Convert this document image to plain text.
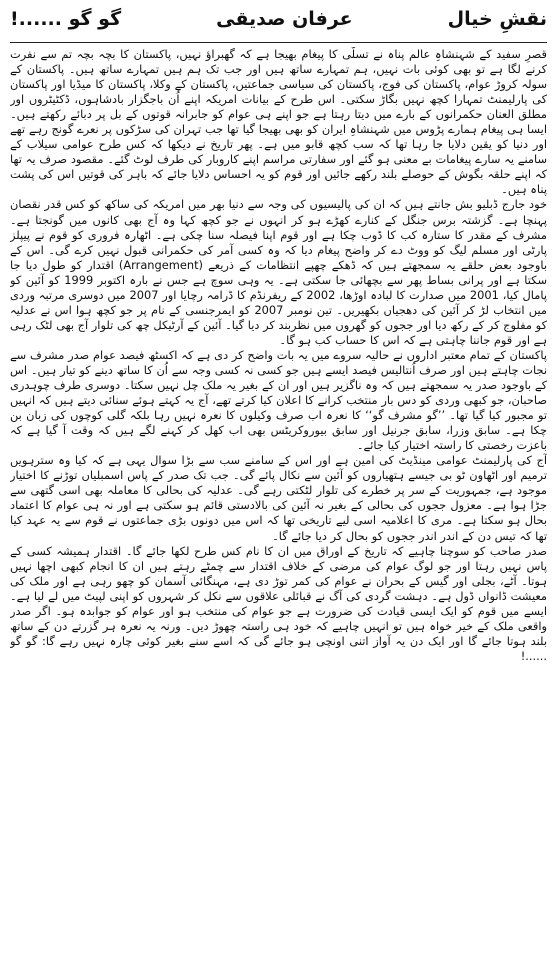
نقشِ خیال
عرفان صدیقی
گو گو ......!

قصرِ سفید کے شہنشاہِ عالم پناہ نے تسلّی کا پیغام بھیجا ہے کہ گھبراؤ نہیں، پاکستان کا بچہ بچہ تم سے نفرت کرنے لگا ہے تو بھی کوئی بات نہیں، ہم تمہارے ساتھ ہیں اور جب تک ہم ہیں تمہارے ساتھ ہیں۔ پاکستان کے سولہ کروڑ عوام، پاکستان کی فوج، پاکستان کی سیاسی جماعتیں، پاکستان کے وکلا، پاکستان کا میڈیا اور پاکستان کی پارلیمنٹ تمہارا کچھ نہیں بگاڑ سکتی۔ اس طرح کے بیانات امریکہ اپنے اُن باجگزار بادشاہوں، ڈکٹیٹروں اور مطلق العنان حکمرانوں کے بارے میں دیتا رہتا ہے جو اپنے ہی عوام کو جابرانہ قوتوں کے بل پر دبائے رکھتے ہیں۔ ایسا ہی پیغام ہمارے پڑوس میں شہنشاہِ ایران کو بھی بھیجا گیا تھا جب تہران کی سڑکوں پر نعرے گونج رہے تھے اور دنیا کو یقین دلایا جا رہا تھا کہ سب کچھ قابو میں ہے۔ پھر تاریخ نے دیکھا کہ کس طرح عوامی سیلاب کے سامنے یہ سارے پیغامات بے معنی ہو گئے اور سفارتی مراسم اپنے کاروبار کی طرف لوٹ گئے۔ مقصود صرف یہ تھا کہ اپنے حلقہ بگوش کے حوصلے بلند رکھے جائیں اور قوم کو یہ احساس دلایا جائے کہ باہر کی قوتیں اس کی پشت پناہ ہیں۔

خود جارج ڈبلیو بش جانتے ہیں کہ ان کی پالیسیوں کی وجہ سے دنیا بھر میں امریکہ کی ساکھ کو کس قدر نقصان پہنچا ہے۔ گزشتہ برس جنگل کے کنارے کھڑے ہو کر انہوں نے جو کچھ کہا وہ آج بھی کانوں میں گونجتا ہے۔ مشرف کے مقدر کا ستارہ کب کا ڈوب چکا ہے اور قوم اپنا فیصلہ سنا چکی ہے۔ اٹھارہ فروری کو قوم نے پیپلز پارٹی اور مسلم لیگ کو ووٹ دے کر واضح پیغام دیا کہ وہ کسی آمر کی حکمرانی قبول نہیں کرے گی۔ اس کے باوجود بعض حلقے یہ سمجھتے ہیں کہ ڈھکے چھپے انتظامات کے ذریعے (Arrangement) اقتدار کو طول دیا جا سکتا ہے اور پرانی بساط پھر سے بچھائی جا سکتی ہے۔ یہ وہی سوچ ہے جس نے بارہ اکتوبر 1999 کو آئین کو پامال کیا، 2001 میں صدارت کا لبادہ اوڑھا، 2002 کے ریفرنڈم کا ڈرامہ رچایا اور 2007 میں دوسری مرتبہ وردی میں انتخاب لڑ کر آئین کی دھجیاں بکھیریں۔ تین نومبر 2007 کو ایمرجنسی کے نام پر جو کچھ ہوا اس نے عدلیہ کو مفلوج کر کے رکھ دیا اور ججوں کو گھروں میں نظربند کر دیا گیا۔ آئین کے آرٹیکل چھ کی تلوار آج بھی لٹک رہی ہے اور قوم جاننا چاہتی ہے کہ اس کا حساب کب ہو گا۔

پاکستان کے تمام معتبر اداروں نے حالیہ سروے میں یہ بات واضح کر دی ہے کہ اکسٹھ فیصد عوام صدر مشرف سے نجات چاہتے ہیں اور صرف اُنتالیس فیصد ایسے ہیں جو کسی نہ کسی وجہ سے اُن کا ساتھ دینے کو تیار ہیں۔ اس کے باوجود صدر یہ سمجھتے ہیں کہ وہ ناگزیر ہیں اور ان کے بغیر یہ ملک چل نہیں سکتا۔ دوسری طرف چوہدری صاحبان، جو کبھی وردی کو دس بار منتخب کرانے کا اعلان کیا کرتے تھے، آج یہ کہتے ہوئے سنائی دیتے ہیں کہ انہیں تو مجبور کیا گیا تھا۔ ’’گو مشرف گو‘‘ کا نعرہ اب صرف وکیلوں کا نعرہ نہیں رہا بلکہ گلی کوچوں کی زبان بن چکا ہے۔ سابق وزرا، سابق جرنیل اور سابق بیوروکریٹس بھی اب کھل کر کہنے لگے ہیں کہ وقت آ گیا ہے کہ باعزت رخصتی کا راستہ اختیار کیا جائے۔

آج کی پارلیمنٹ عوامی مینڈیٹ کی امین ہے اور اس کے سامنے سب سے بڑا سوال یہی ہے کہ کیا وہ سترہویں ترمیم اور اٹھاون ٹو بی جیسے ہتھیاروں کو آئین سے نکال پائے گی۔ جب تک صدر کے پاس اسمبلیاں توڑنے کا اختیار موجود ہے، جمہوریت کے سر پر خطرے کی تلوار لٹکتی رہے گی۔ عدلیہ کی بحالی کا معاملہ بھی اسی گتھی سے جڑا ہوا ہے۔ معزول ججوں کی بحالی کے بغیر نہ آئین کی بالادستی قائم ہو سکتی ہے اور نہ ہی عوام کا اعتماد بحال ہو سکتا ہے۔ مری کا اعلامیہ اسی لیے تاریخی تھا کہ اس میں دونوں بڑی جماعتوں نے قوم سے یہ عہد کیا تھا کہ تیس دن کے اندر اندر ججوں کو بحال کر دیا جائے گا۔

صدر صاحب کو سوچنا چاہیے کہ تاریخ کے اوراق میں ان کا نام کس طرح لکھا جائے گا۔ اقتدار ہمیشہ کسی کے پاس نہیں رہتا اور جو لوگ عوام کی مرضی کے خلاف اقتدار سے چمٹے رہتے ہیں ان کا انجام کبھی اچھا نہیں ہوتا۔ آٹے، بجلی اور گیس کے بحران نے عوام کی کمر توڑ دی ہے، مہنگائی آسمان کو چھو رہی ہے اور ملک کی معیشت ڈانواں ڈول ہے۔ دہشت گردی کی آگ نے قبائلی علاقوں سے نکل کر شہروں کو اپنی لپیٹ میں لے لیا ہے۔ ایسے میں قوم کو ایک ایسی قیادت کی ضرورت ہے جو عوام کی منتخب ہو اور عوام کو جوابدہ ہو۔ اگر صدر واقعی ملک کے خیر خواہ ہیں تو انہیں چاہیے کہ خود ہی راستہ چھوڑ دیں۔ ورنہ یہ نعرہ ہر گزرتے دن کے ساتھ بلند ہوتا جائے گا اور ایک دن یہ آواز اتنی اونچی ہو جائے گی کہ اسے سنے بغیر کوئی چارہ نہیں رہے گا: گو گو ......!
